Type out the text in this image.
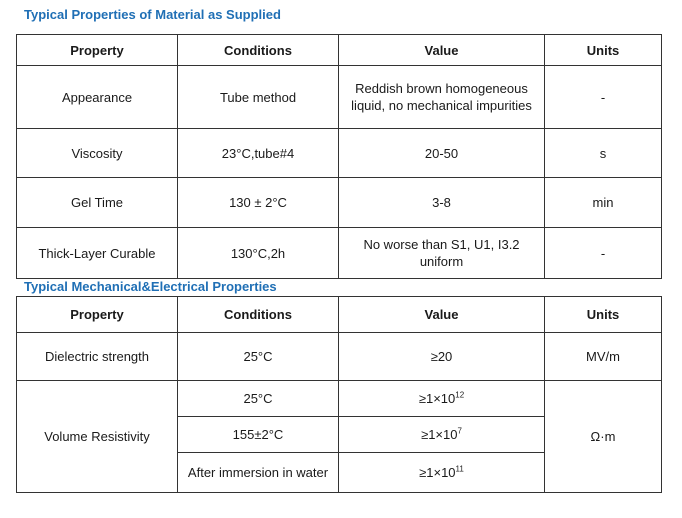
Typical Properties of Material as Supplied
Property	Conditions	Value	Units
Appearance	Tube method	Reddish brown homogeneous liquid, no mechanical impurities	-
Viscosity	23°C,tube#4	20-50	s
Gel Time	130 ± 2°C	3-8	min
Thick-Layer Curable	130°C,2h	No worse than S1, U1, I3.2 uniform	-
Typical Mechanical&Electrical Properties
Property	Conditions	Value	Units
Dielectric strength	25°C	≥20	MV/m
Volume Resistivity	25°C	$\ge 1\times 10^{12}$	Ω·m
	155±2°C	$\ge 1\times 10^7$
	After immersion in water	$\ge 1\times 10^{11}$
